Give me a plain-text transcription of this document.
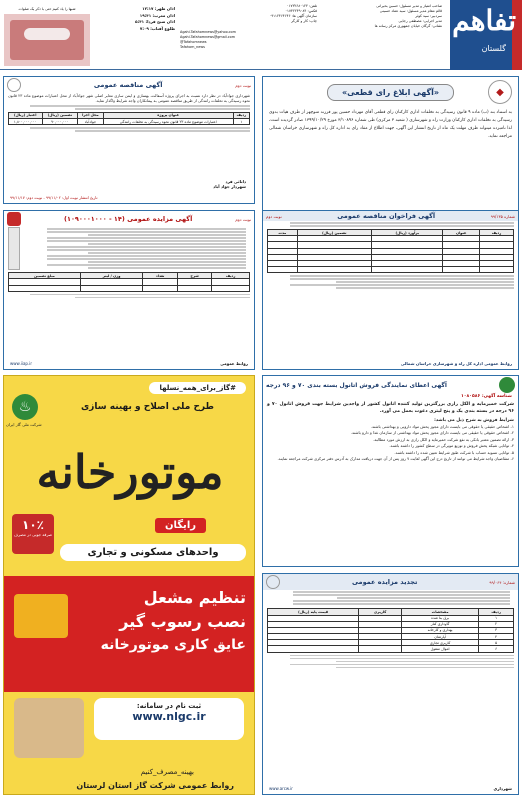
تفاهم
گلستان
صاحب امتیاز و مدیر مسئول: حسین بحیرانی
قائم مقام مدیر مسئول: سید عماد حسینی
سردبیر: سید کوثر
مدیر اجرایی: مصطفی رجایی
نشانی: گرگان خیابان جمهوری مرکز رسانه ها
تلفن: ۰۱۷۳۲۶۸۰۱۲۴
فکس: ۰۱۷۳۲۲۴۹۰۸۴
سازمان آگهی ها: ۰۹۱۱۲۴۶۴۶۴۶
چاپ: کار و کارگر
Agahi.Tafahomnews@yahoo.com
Agahi.Tafahomnews@gmail.com
@Tafahomnews
Tafahom_news
اذان ظهر: ۱۲:۱۷
اذان مغرب: ۱۹:۴۱
اذان صبح فردا: ۵:۴۱
طلوع آفتاب: ۷:۰۹
شبها را یاد کنیم حتی با ذکر یک صلوات
◆
«آگهی ابلاغ رای قطعی»
به استناد بند (ب) ماده ۹ قانون رسیدگی به تخلفات اداری کارکنان رای قطعی آقای مهرداد حسین پور فرزند منوچهر از طرف هیات بدوی رسیدگی به تخلفات اداری کارکنان وزارت راه و شهرسازی ( شعبه ۳ مرکزی) طی شماره ۳/۱۰۸۹۶ مورخ ۱۳۹۹/۱۰/۲۹ صادر گردیده است، لذا نامبرده میتواند ظرف مهلت یک ماه از تاریخ انتشار این آگهی، جهت اطلاع از مفاد رای به اداره کل راه و شهرسازی خراسان شمالی مراجعه نماید.
نوبت دوم
آگهی مناقصه عمومی
شهرداری جوادآباد در نظر دارد نسبت به اجرای پروژه آسفالت، بهسازی و ایمن سازی معابر اصلی شهر جوادآباد از محل اعتبارات موضوع ماده ۲۳ قانون نحوه رسیدگی به تخلفات رانندگی از طریق مناقصه عمومی به پیمانکاران واجد شرایط واگذار نماید.
ردیف	عنوان پروژه	محل اجرا	تضمین (ریال)	اعتبار (ریال)
۱	اعتبارات موضوع ماده ۲۳ قانون نحوه رسیدگی به تخلفات رانندگی	جوادآباد	۹۰,۰۰۰,۰۰۰	۱,۸۰۰,۰۰۰,۰۰۰
دانائی فرد
شهردار جواد آباد
تاریخ انتشار نوبت اول: ۹۹/۱۱/۰۲ - نوبت دوم: ۹۹/۱۱/۱۷
نوبت دوم
آگهی مزایده عمومی (۱۴ - ۱۰۹۰۰۰۱۰۰۰)
ردیف	شرح	تعداد	وزن / لیتر	مبلغ تضمین

www.iiap.ir	روابط عمومی
شماره ۹۹/۱۳۵
آگهی فراخوان مناقصه عمومی
نوبت دوم
ردیف	عنوان	برآورد (ریال)	تضمین (ریال)	مدت

روابط عمومی اداره کل راه و شهرسازی خراسان شمالی
#گاز_برای_همه_نسلها
♨
شرکت ملی گاز ایران
طرح ملی اصلاح و بهینه سازی
موتورخانه
۱۰٪
صرفه جویی در مصرف
رایگان
واحدهای مسکونی و تجاری
تنظیم مشعل
نصب رسوب گیر
عایق کاری موتورخانه
ثبت نام در سامانه:
www.nlgc.ir
بهینه_مصرف_کنیم
روابط عمومی شرکت گاز استان لرستان
آگهی اعطای نمایندگی فروش اتانول بسته بندی ۷۰ و ۹۶ درجه
شناسه آگهی: ۱۰۸۰۵۸۶
شرکت خمیرمایه و الکل رازی بزرگترین تولید کننده اتانول کشور از واجدین شرایط جهت فروش اتانول ۷۰ و ۹۶ درجه در بسته بندی یک و پنج لیتری دعوت بعمل می آورد.
شرایط فروش به شرح ذیل می باشد:
۱- اشخاص حقیقی یا حقوقی می بایست دارای مجوز پخش مواد دارویی و بهداشتی باشند.
۲- اشخاص حقوقی یا حقیقی می بایست دارای مجوز پخش مواد بهداشتی از سازمان غذا و دارو باشند.
۳- ارائه تضمین معتبر بانکی به نفع شرکت خمیرمایه و الکل رازی به ارزش مورد مطالبه.
۴- توانایی شبکه پخش فروش و توزیع مویرگی در سطح کشور را داشته باشند.
۵- توانایی تسویه حساب با شرکت طبق شرایط تعیین شده را داشته باشند.
۶- متقاضیان واجد شرایط می توانند از تاریخ درج این آگهی لغایت ۷ روز پس از آن جهت دریافت مدارک به آدرس دفتر مرکزی شرکت مراجعه نمایند.
شماره: ۹۹/۰۶۴
تجدید مزایده عمومی
ردیف	مشخصات	کاربری	قیمت پایه (ریال)
۱	برق بنا شده		
۲	گاوداری کنار		
۳	بهداری و کارخانه		
۴	آپارتمان		
۵	کاربری تجاری		
۶	اموال منقول		
www.arcw.ir	شهرداری
